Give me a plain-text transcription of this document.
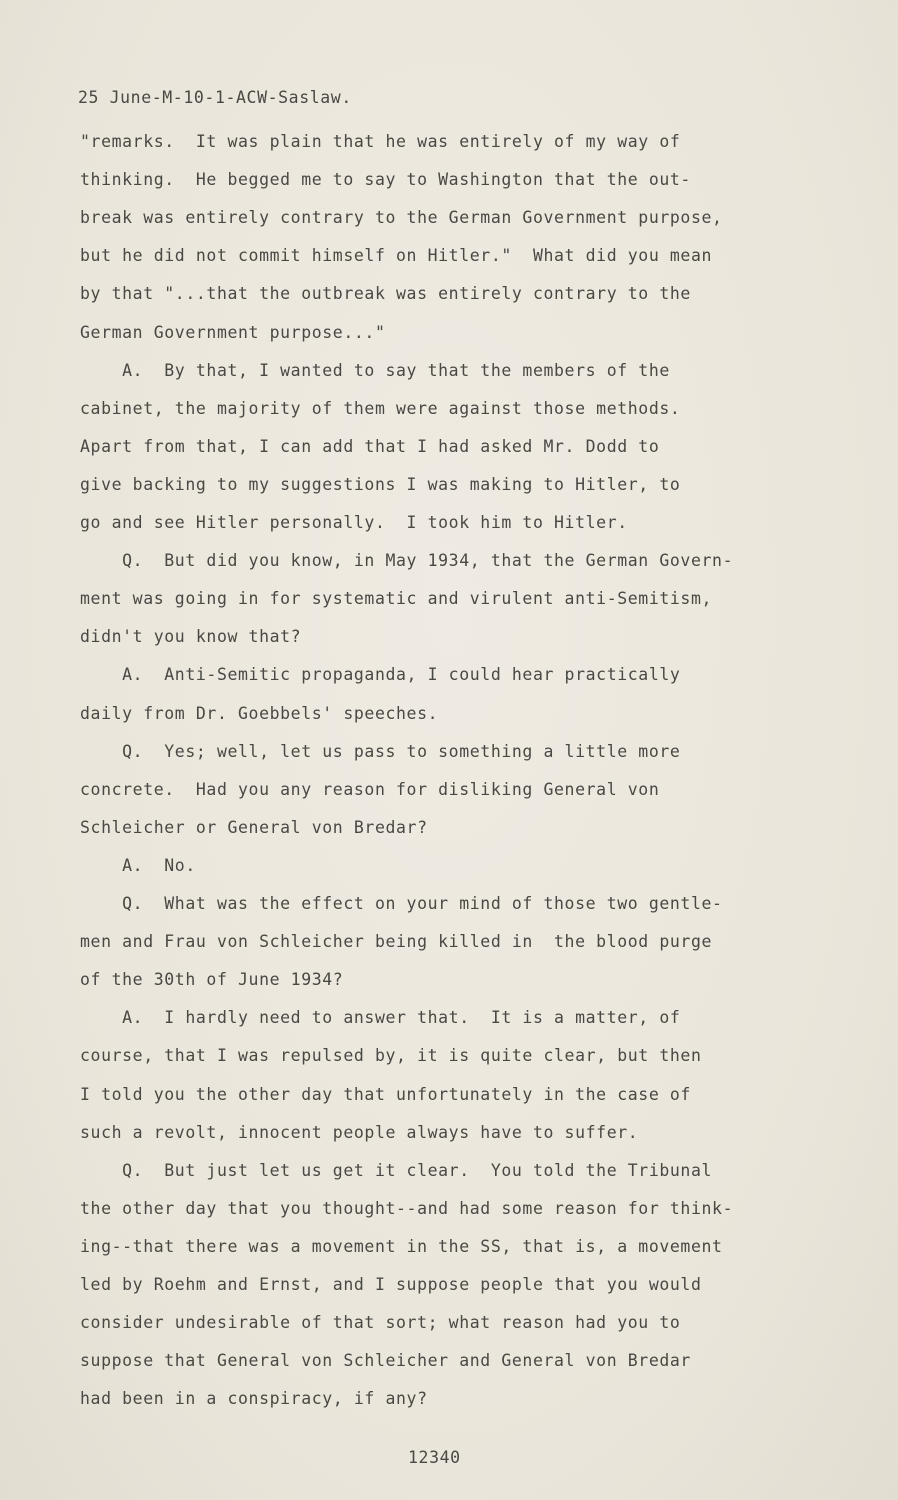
25 June-M-10-1-ACW-Saslaw.
"remarks.  It was plain that he was entirely of my way of
thinking.  He begged me to say to Washington that the out-
break was entirely contrary to the German Government purpose,
but he did not commit himself on Hitler."  What did you mean
by that "...that the outbreak was entirely contrary to the
German Government purpose..."
A.  By that, I wanted to say that the members of the
cabinet, the majority of them were against those methods.
Apart from that, I can add that I had asked Mr. Dodd to
give backing to my suggestions I was making to Hitler, to
go and see Hitler personally.  I took him to Hitler.
Q.  But did you know, in May 1934, that the German Govern-
ment was going in for systematic and virulent anti-Semitism,
didn't you know that?
A.  Anti-Semitic propaganda, I could hear practically
daily from Dr. Goebbels' speeches.
Q.  Yes; well, let us pass to something a little more
concrete.  Had you any reason for disliking General von
Schleicher or General von Bredar?
A.  No.
Q.  What was the effect on your mind of those two gentle-
men and Frau von Schleicher being killed in  the blood purge
of the 30th of June 1934?
A.  I hardly need to answer that.  It is a matter, of
course, that I was repulsed by, it is quite clear, but then
I told you the other day that unfortunately in the case of
such a revolt, innocent people always have to suffer.
Q.  But just let us get it clear.  You told the Tribunal
the other day that you thought--and had some reason for think-
ing--that there was a movement in the SS, that is, a movement
led by Roehm and Ernst, and I suppose people that you would
consider undesirable of that sort; what reason had you to
suppose that General von Schleicher and General von Bredar
had been in a conspiracy, if any?
12340
